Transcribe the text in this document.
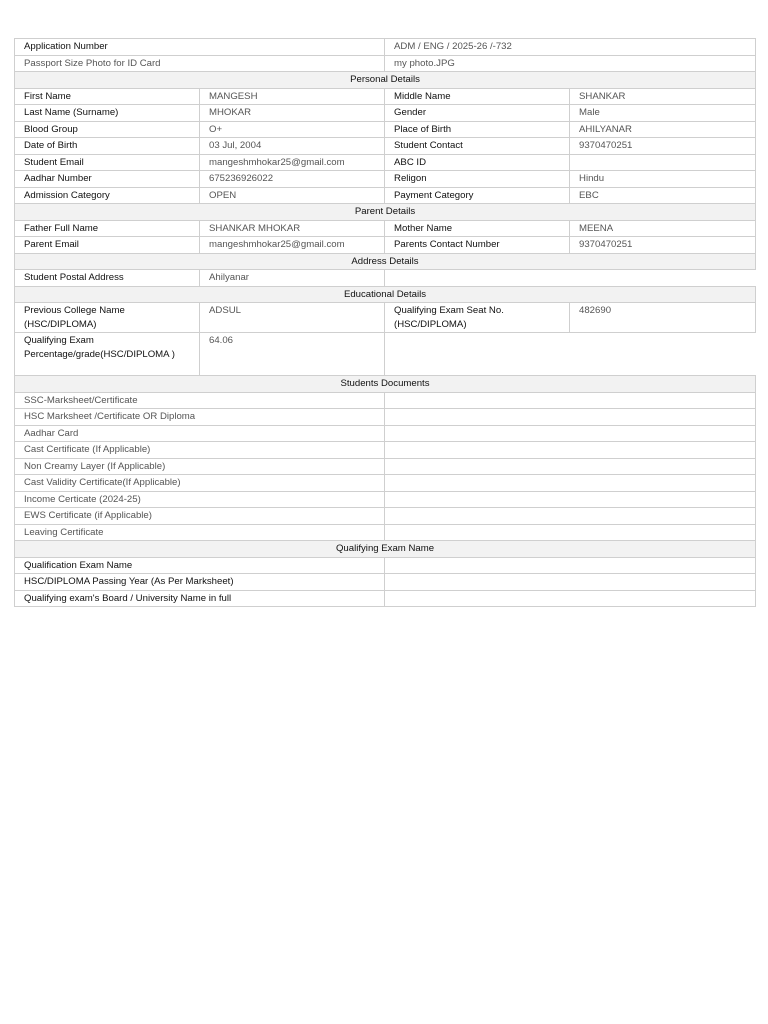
Application Number		ADM / ENG / 2025-26 /-732	
Passport Size Photo for ID Card		my photo.JPG	
Personal Details			
First Name	MANGESH	Middle Name	SHANKAR
Last Name (Surname)	MHOKAR	Gender	Male
Blood Group	O+	Place of Birth	AHILYANAR
Date of Birth	03 Jul, 2004	Student Contact	9370470251
Student Email	mangeshmhokar25@gmail.com	ABC ID	
Aadhar Number	675236926022	Religon	Hindu
Admission Category	OPEN	Payment Category	EBC
Parent Details			
Father Full Name	SHANKAR MHOKAR	Mother Name	MEENA
Parent Email	mangeshmhokar25@gmail.com	Parents Contact Number	9370470251
Address Details			
Student Postal Address	Ahilyanar		
Educational Details			
Previous College Name (HSC/DIPLOMA)	ADSUL	Qualifying Exam Seat No. (HSC/DIPLOMA)	482690
Qualifying Exam Percentage/grade(HSC/DIPLOMA )	64.06		
Students Documents			
SSC-Marksheet/Certificate			
HSC Marksheet /Certificate OR Diploma			
Aadhar Card			
Cast Certificate (If Applicable)			
Non Creamy Layer (If Applicable)			
Cast Validity Certificate(If Applicable)			
Income Certicate (2024-25)			
EWS Certificate (if Applicable)			
Leaving Certificate			
Qualifying Exam Name			
Qualification Exam Name			
HSC/DIPLOMA Passing Year (As Per Marksheet)			
Qualifying exam's Board / University Name in full			
